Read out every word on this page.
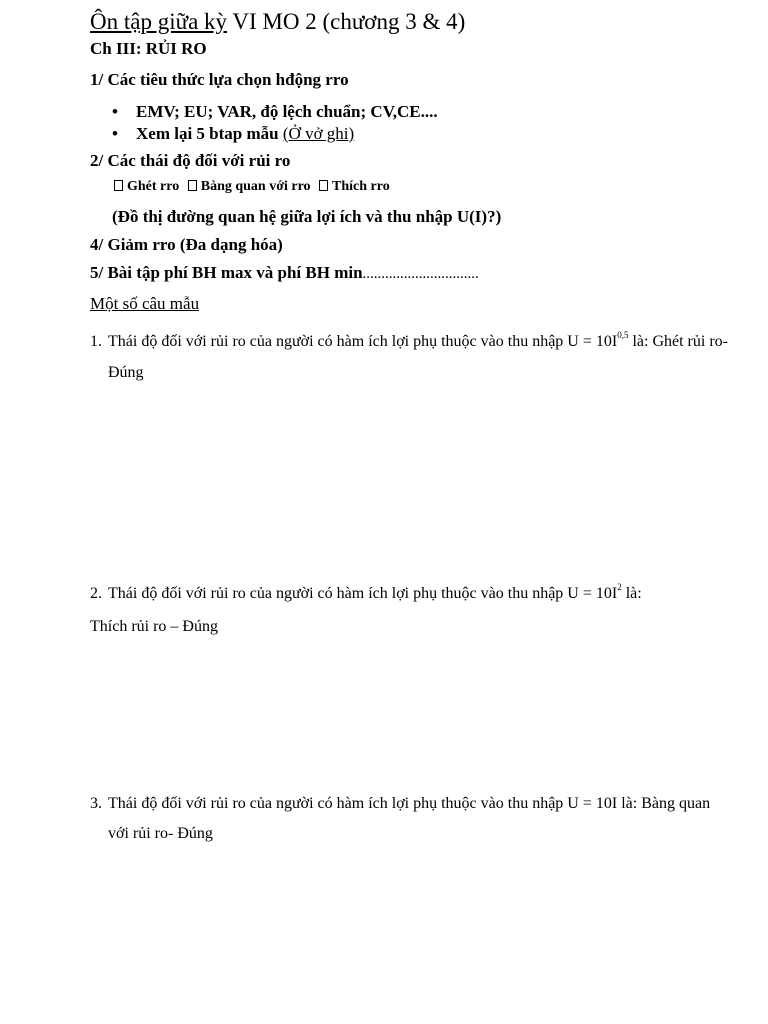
Ôn tập giữa kỳ VI MO 2 (chương 3 & 4)
Ch III: RỦI RO
1/ Các tiêu thức lựa chọn hđộng rro
• EMV; EU; VAR, độ lệch chuẩn; CV,CE....
• Xem lại 5 btap mẫu (Ở vở ghi)
2/ Các thái độ đối với rủi ro
Ghét rro Bàng quan với rro Thích rro
(Đồ thị đường quan hệ giữa lợi ích và thu nhập U(I)?)
4/ Giảm rro (Đa dạng hóa)
5/ Bài tập phí BH max và phí BH min...............................
Một số câu mẫu
1. Thái độ đối với rủi ro của người có hàm ích lợi phụ thuộc vào thu nhập $U = 10I^{0,5}$ là: Ghét rủi ro-
Đúng
2. Thái độ đối với rủi ro của người có hàm ích lợi phụ thuộc vào thu nhập $U = 10I^2$ là:
Thích rủi ro – Đúng
3. Thái độ đối với rủi ro của người có hàm ích lợi phụ thuộc vào thu nhập U = 10I là: Bàng quan
với rủi ro- Đúng
